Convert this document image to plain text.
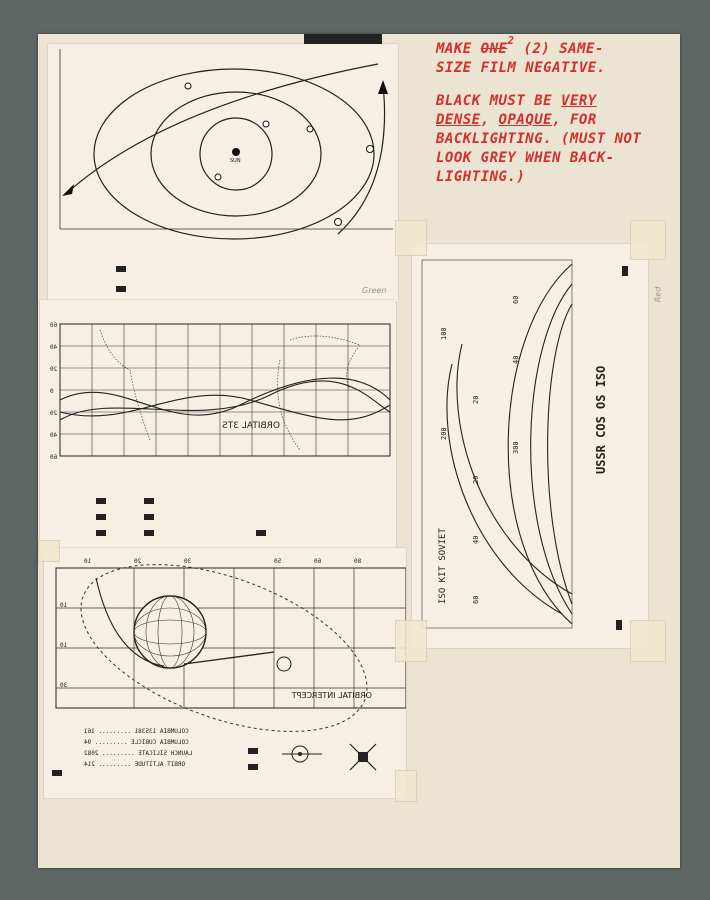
MAKE ONE$^2$ (2) SAME-
SIZE FILM NEGATIVE.
BLACK MUST BE VERY
DENSE, OPAQUE, FOR
BACKLIGHTING. (MUST NOT
LOOK GREY WHEN BACK-
LIGHTING.)
SUN
ORBITAL 3TS
60
40
20
0
20
40
60
ORBITAL INTERCEPT
10	20	30	50	60	80
10
10
30
COLUMBIA 135381 ......... 161
COLUMBIA CUBICLE ......... 94
LAUNCH SILICATE ......... 2082
ORBIT ALTITUDE ......... 214
USSR COS OS ISO
ISO KIT SOVIET
100
200
300
40
60
20
20
40
60
Green	Red
